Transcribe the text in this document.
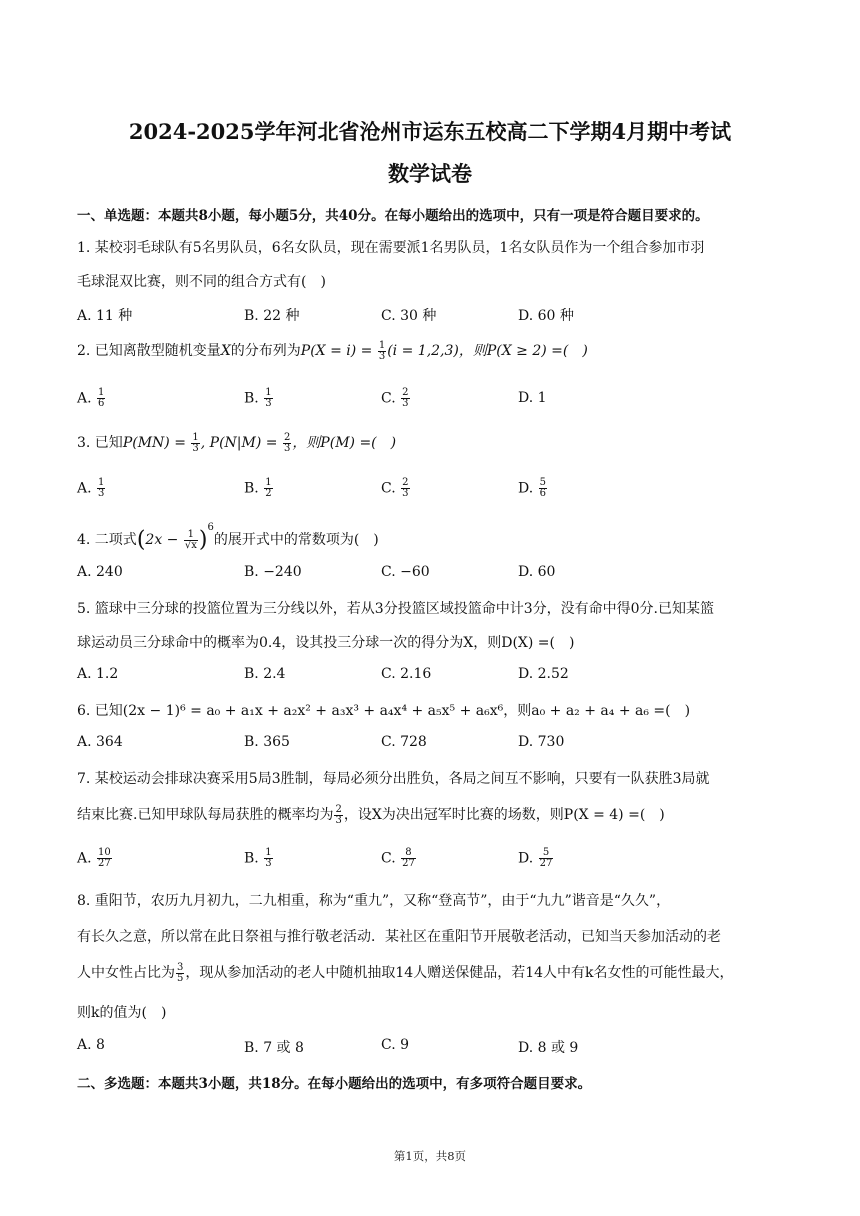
2024-2025学年河北省沧州市运东五校高二下学期4月期中考试
数学试卷
一、单选题：本题共8小题，每小题5分，共40分。在每小题给出的选项中，只有一项是符合题目要求的。
1. 某校羽毛球队有5名男队员，6名女队员，现在需要派1名男队员，1名女队员作为一个组合参加市羽
毛球混双比赛，则不同的组合方式有(　)
A. 11 种	B. 22 种	C. 30 种	D. 60 种
2. 已知离散型随机变量X的分布列为$P(X = i) = \frac{1}{3} (i = 1,2,3)$，则P(X ≥ 2) =(　)
A. $\frac{1}{6}$	B. $\frac{1}{3}$	C. $\frac{2}{3}$	D. 1
3. 已知$P(MN) = \frac{1}{3}$ , $P(N|M) = \frac{2}{3}$ ，则P(M) =(　)
A. $\frac{1}{3}$	B. $\frac{1}{2}$	C. $\frac{2}{3}$	D. $\frac{5}{6}$
4. 二项式$(2x - \frac{1}{√x} )^6$的展开式中的常数项为(　)
A. 240	B. −240	C. −60	D. 60
5. 篮球中三分球的投篮位置为三分线以外，若从3分投篮区域投篮命中计3分，没有命中得0分.已知某篮
球运动员三分球命中的概率为0.4，设其投三分球一次的得分为X，则D(X) =(　)
A. 1.2	B. 2.4	C. 2.16	D. 2.52
6. 已知(2x − 1)⁶ = a₀ + a₁x + a₂x² + a₃x³ + a₄x⁴ + a₅x⁵ + a₆x⁶，则a₀ + a₂ + a₄ + a₆ =(　)
A. 364	B. 365	C. 728	D. 730
7. 某校运动会排球决赛采用5局3胜制，每局必须分出胜负，各局之间互不影响，只要有一队获胜3局就
结束比赛.已知甲球队每局获胜的概率均为 $\frac{2}{3}$ ，设X为决出冠军时比赛的场数，则P(X = 4) =(　)
A. $\frac{10}{27}$	B. $\frac{1}{3}$	C. $\frac{8}{27}$	D. $\frac{5}{27}$
8. 重阳节，农历九月初九，二九相重，称为“重九”，又称“登高节”，由于“九九”谐音是“久久”，
有长久之意，所以常在此日祭祖与推行敬老活动．某社区在重阳节开展敬老活动，已知当天参加活动的老
人中女性占比为 $\frac{3}{5}$ ，现从参加活动的老人中随机抽取14人赠送保健品，若14人中有k名女性的可能性最大，
则k的值为(　)
A. 8	B. 7 或 8	C. 9	D. 8 或 9
二、多选题：本题共3小题，共18分。在每小题给出的选项中，有多项符合题目要求。
第1页，共8页
